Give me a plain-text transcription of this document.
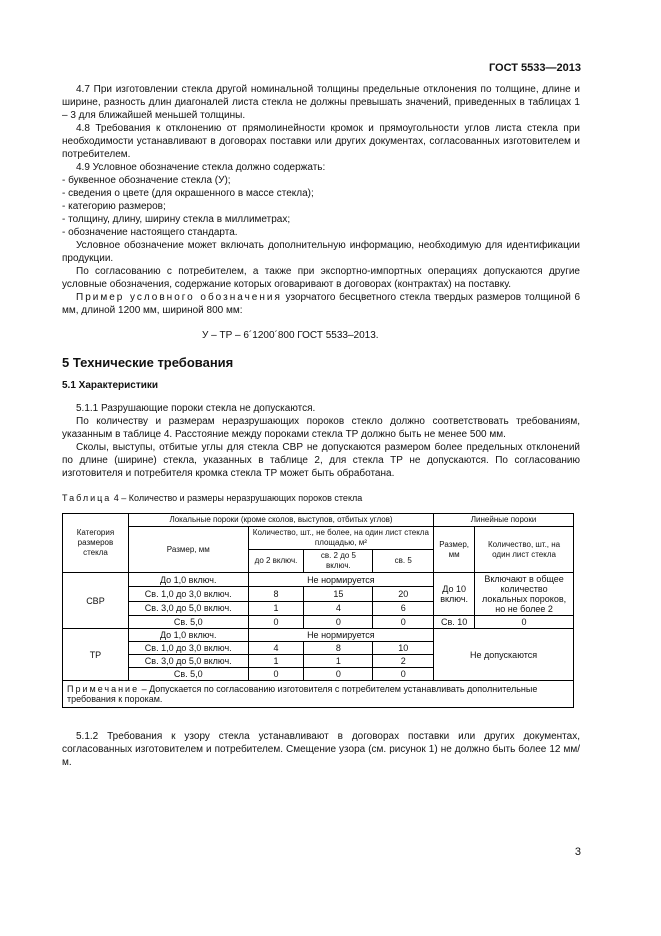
ГОСТ 5533—2013

4.7 При изготовлении стекла другой номинальной толщины предельные отклонения по толщине, длине и ширине, разность длин диагоналей листа стекла не должны превышать значений, приведенных в таблицах 1 – 3 для ближайшей меньшей толщины.

4.8 Требования к отклонению от прямолинейности кромок и прямоугольности углов листа стекла при необходимости устанавливают в договорах поставки или других документах, согласованных изготовителем и потребителем.

4.9 Условное обозначение стекла должно содержать:

- буквенное обозначение стекла (У);

- сведения о цвете (для окрашенного в массе стекла);

- категорию размеров;

- толщину, длину, ширину стекла в миллиметрах;

- обозначение настоящего стандарта.

Условное обозначение может включать дополнительную информацию, необходимую для идентификации продукции.

По согласованию с потребителем, а также при экспортно-импортных операциях допускаются другие условные обозначения, содержание которых оговаривают в договорах (контрактах) на поставку.

Пример условного обозначения узорчатого бесцветного стекла твердых размеров толщиной 6 мм, длиной 1200 мм, шириной 800 мм:

У – ТР – 6´1200´800 ГОСТ 5533–2013.

5 Технические требования
5.1 Характеристики

5.1.1 Разрушающие пороки стекла не допускаются.

По количеству и размерам неразрушающих пороков стекло должно соответствовать требованиям, указанным в таблице 4. Расстояние между пороками стекла ТР должно быть не менее 500 мм.

Сколы, выступы, отбитые углы для стекла СВР не допускаются размером более предельных отклонений по длине (ширине) стекла, указанных в таблице 2, для стекла ТР не допускаются. По согласованию изготовителя и потребителя кромка стекла ТР может быть обработана.

Таблица 4 – Количество и размеры неразрушающих пороков стекла

Категория размеров стекла	Локальные пороки (кроме сколов, выступов, отбитых углов)				Линейные пороки	
	Размер, мм	Количество, шт., не более, на один лист стекла площадью, м²			Размер, мм	Количество, шт., на один лист стекла
		до 2 включ.	св. 2 до 5 включ.	св. 5		
СВР	До 1,0 включ.	Не нормируется			До 10 включ.	Включают в общее количество локальных пороков, но не более 2
	Св. 1,0 до 3,0 включ.	8	15	20		
	Св. 3,0 до 5,0 включ.	1	4	6		
	Св. 5,0	0	0	0	Св. 10	0
ТР	До 1,0 включ.	Не нормируется			Не допускаются	
	Св. 1,0 до 3,0 включ.	4	8	10		
	Св. 3,0 до 5,0 включ.	1	1	2		
	Св. 5,0	0	0	0		
Примечание – Допускается по согласованию изготовителя с потребителем устанавливать дополнительные требования к порокам.						

5.1.2 Требования к узору стекла устанавливают в договорах поставки или других документах, согласованных изготовителем и потребителем. Смещение узора (см. рисунок 1) не должно быть более 12 мм/м.

3
